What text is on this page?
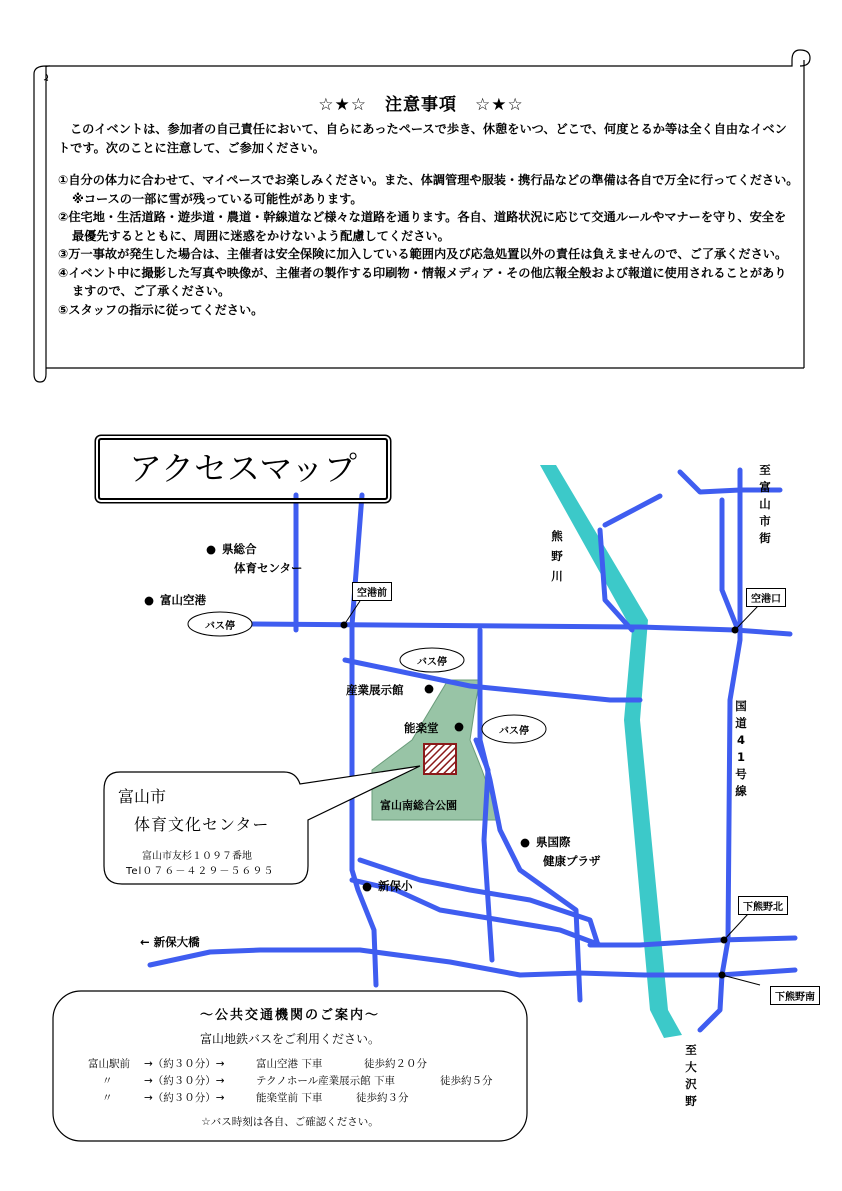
☆★☆　注意事項　☆★☆

このイベントは、参加者の自己責任において、自らにあったペースで歩き、休憩をいつ、どこで、何度とるか等は全く自由なイベントです。次のことに注意して、ご参加ください。

①自分の体力に合わせて、マイペースでお楽しみください。また、体調管理や服装・携行品などの準備は各自で万全に行ってください。　※コースの一部に雪が残っている可能性があります。

②住宅地・生活道路・遊歩道・農道・幹線道など様々な道路を通ります。各自、道路状況に応じて交通ルールやマナーを守り、安全を最優先するとともに、周囲に迷惑をかけないよう配慮してください。

③万一事故が発生した場合は、主催者は安全保険に加入している範囲内及び応急処置以外の責任は負えませんので、ご了承ください。

④イベント中に撮影した写真や映像が、主催者の製作する印刷物・情報メディア・その他広報全般および報道に使用されることがありますので、ご了承ください。

⑤スタッフの指示に従ってください。

アクセスマップ
● 県総合
体育センター
● 富山空港
産業展示館 ●
能楽堂 ●
富山南総合公園
● 県国際
健康プラザ
● 新保小
← 新保大橋
バス停
バス停
バス停
空港前
空港口
下熊野北
下熊野南
至
富
山
市
街
熊
野
川
国
道
4
1
号
線
至
大
沢
野
富山市
体育文化センター
富山市友杉１０９７番地
Tel０７６－４２９－５６９５
～公共交通機関のご案内～
富山地鉄バスをご利用ください。
富山駅前 →（約３０分）→	富山空港 下車	徒歩約２０分
〃	→（約３０分）→	テクノホール産業展示館 下車	徒歩約５分
〃	→（約３０分）→	能楽堂前 下車	徒歩約３分
☆バス時刻は各自、ご確認ください。
